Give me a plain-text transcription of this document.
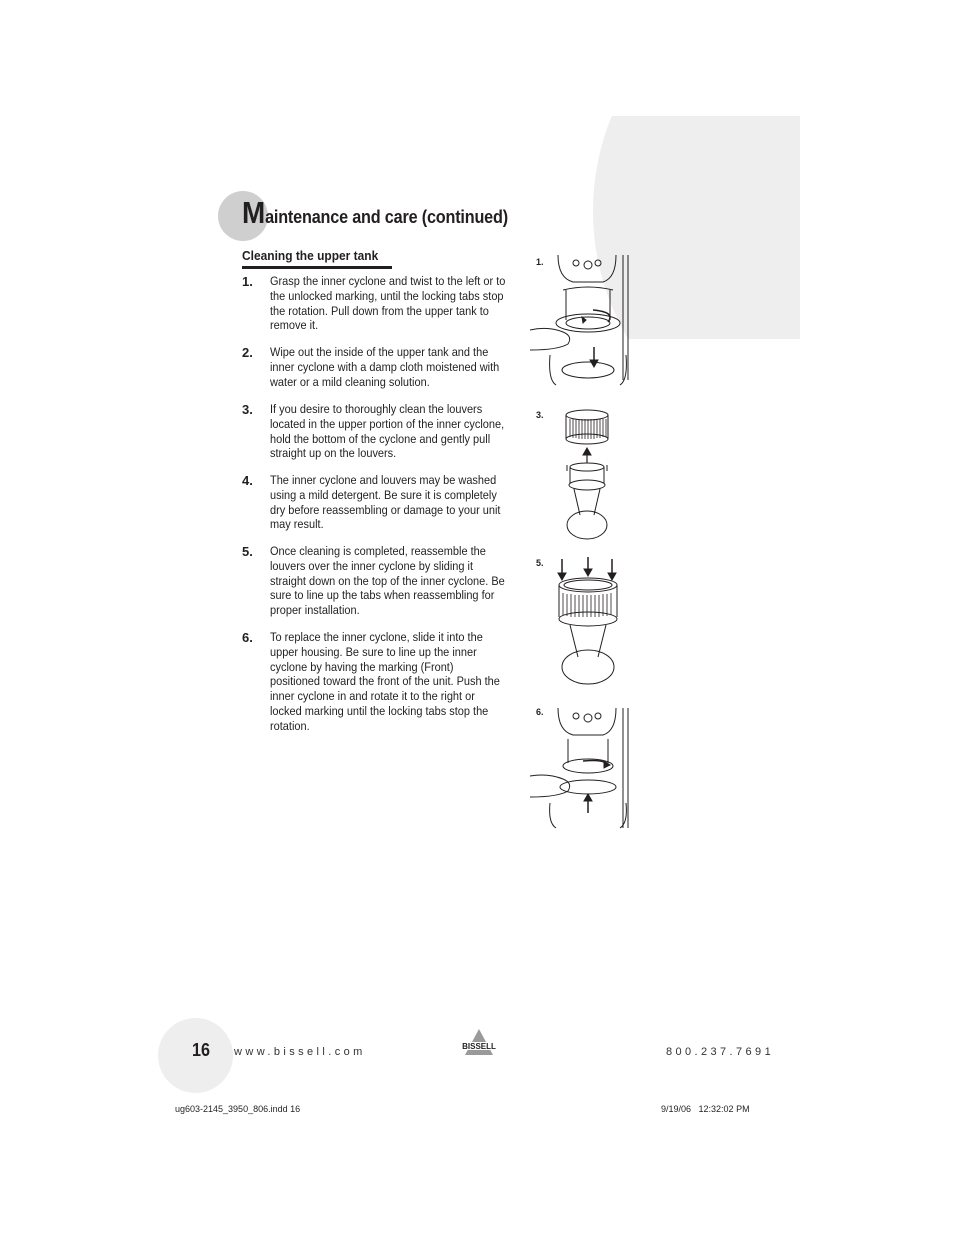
Maintenance and care (continued)
Cleaning the upper tank
1. Grasp the inner cyclone and twist to the left or to the unlocked marking, until the locking tabs stop the rotation. Pull down from the upper tank to remove it.

2. Wipe out the inside of the upper tank and the inner cyclone with a damp cloth moistened with water or a mild cleaning solution.

3. If you desire to thoroughly clean the louvers located in the upper portion of the inner cyclone, hold the bottom of the cyclone and gently pull straight up on the louvers.

4. The inner cyclone and louvers may be washed using a mild detergent. Be sure it is completely dry before reassembling or damage to your unit may result.

5. Once cleaning is completed, reassemble the louvers over the inner cyclone by sliding it straight down on the top of the inner cyclone. Be sure to line up the tabs when reassembling for proper installation.

6. To replace the inner cyclone, slide it into the upper housing. Be sure to line up the inner cyclone by having the marking (Front) positioned toward the front of the unit. Push the inner cyclone in and rotate it to the right or locked marking until the locking tabs stop the rotation.

1.
3.
5.
6.
16 www.bissell.com	BISSELL	800.237.7691
ug603-2145_3950_806.indd 16	9/19/06   12:32:02 PM
